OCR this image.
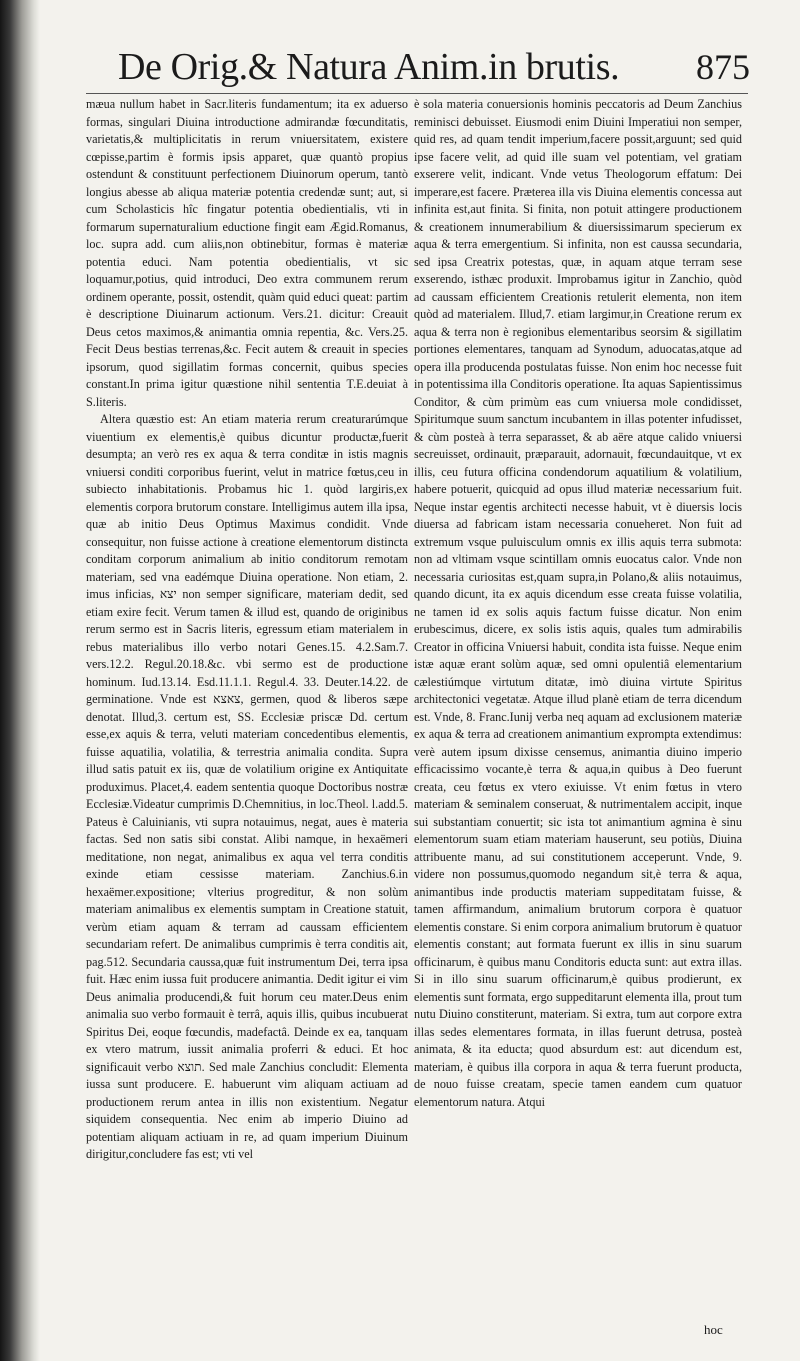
De Orig.& Natura Anim.in brutis. 875

mæua nullum habet in Sacr.literis fundamentum; ita ex aduerso formas, singulari Diuina introductione admirandæ fœcunditatis, varietatis,& multiplicitatis in rerum vniuersitatem, existere cœpisse,partim è formis ipsis apparet, quæ quantò propius ostendunt & constituunt perfectionem Diuinorum operum, tantò longius abesse ab aliqua materiæ potentia credendæ sunt; aut, si cum Scholasticis hîc fingatur potentia obedientialis, vti in formarum supernaturalium eductione fingit eam Ægid.Romanus, loc. supra add. cum aliis,non obtinebitur, formas è materiæ potentia educi. Nam potentia obedientialis, vt sic loquamur,potius, quid introduci, Deo extra communem rerum ordinem operante, possit, ostendit, quàm quid educi queat: partim è descriptione Diuinarum actionum. Vers.21. dicitur: Creauit Deus cetos maximos,& animantia omnia repentia, &c. Vers.25. Fecit Deus bestias terrenas,&c. Fecit autem & creauit in species ipsorum, quod sigillatim formas concernit, quibus species constant.In prima igitur quæstione nihil sententia T.E.deuiat à S.literis.

Altera quæstio est: An etiam materia rerum creaturarúmque viuentium ex elementis,è quibus dicuntur productæ,fuerit desumpta; an verò res ex aqua & terra conditæ in istis magnis vniuersi conditi corporibus fuerint, velut in matrice fœtus,ceu in subiecto inhabitationis. Probamus hic 1. quòd largiris,ex elementis corpora brutorum constare. Intelligimus autem illa ipsa, quæ ab initio Deus Optimus Maximus condidit. Vnde consequitur, non fuisse actione à creatione elementorum distincta conditam corporum animalium ab initio conditorum remotam materiam, sed vna eadémque Diuina operatione. Non etiam, 2. imus inficias, יצא non semper significare, materiam dedit, sed etiam exire fecit. Verum tamen & illud est, quando de originibus rerum sermo est in Sacris literis, egressum etiam materialem in rebus materialibus illo verbo notari Genes.15. 4.2.Sam.7. vers.12.2. Regul.20.18.&c. vbi sermo est de productione hominum. Iud.13.14. Esd.11.1.1. Regul.4. 33. Deuter.14.22. de germinatione. Vnde est צאצא, germen, quod & liberos sæpe denotat. Illud,3. certum est, SS. Ecclesiæ priscæ Dd. certum esse,ex aquis & terra, veluti materiam concedentibus elementis, fuisse aquatilia, volatilia, & terrestria animalia condita. Supra illud satis patuit ex iis, quæ de volatilium origine ex Antiquitate produximus. Placet,4. eadem sententia quoque Doctoribus nostræ Ecclesiæ.Videatur cumprimis D.Chemnitius, in loc.Theol. l.add.5. Pateus è Caluinianis, vti supra notauimus, negat, aues è materia factas. Sed non satis sibi constat. Alibi namque, in hexaëmeri meditatione, non negat, animalibus ex aqua vel terra conditis exinde etiam cessisse materiam. Zanchius.6.in hexaëmer.expositione; vlterius progreditur, & non solùm materiam animalibus ex elementis sumptam in Creatione statuit, verùm etiam aquam & terram ad caussam efficientem secundariam refert. De animalibus cumprimis è terra conditis ait, pag.512. Secundaria caussa,quæ fuit instrumentum Dei, terra ipsa fuit. Hæc enim iussa fuit producere animantia. Dedit igitur ei vim Deus animalia producendi,& fuit horum ceu mater.Deus enim animalia suo verbo formauit è terrâ, aquis illis, quibus incubuerat Spiritus Dei, eoque fœcundis, madefactâ. Deinde ex ea, tanquam ex vtero matrum, iussit animalia proferri & educi. Et hoc significauit verbo תוצא. Sed male Zanchius concludit: Elementa iussa sunt producere. E. habuerunt vim aliquam actiuam ad productionem rerum antea in illis non existentium. Negatur siquidem consequentia. Nec enim ab imperio Diuino ad potentiam aliquam actiuam in re, ad quam imperium Diuinum dirigitur,concludere fas est; vti vel

è sola materia conuersionis hominis peccatoris ad Deum Zanchius reminisci debuisset. Eiusmodi enim Diuini Imperatiui non semper, quid res, ad quam tendit imperium,facere possit,arguunt; sed quid ipse facere velit, ad quid ille suam vel potentiam, vel gratiam exserere velit, indicant. Vnde vetus Theologorum effatum: Dei imperare,est facere. Præterea illa vis Diuina elementis concessa aut infinita est,aut finita. Si finita, non potuit attingere productionem & creationem innumerabilium & diuersissimarum specierum ex aqua & terra emergentium. Si infinita, non est caussa secundaria, sed ipsa Creatrix potestas, quæ, in aquam atque terram sese exserendo, isthæc produxit. Improbamus igitur in Zanchio, quòd ad caussam efficientem Creationis retulerit elementa, non item quòd ad materialem. Illud,7. etiam largimur,in Creatione rerum ex aqua & terra non è regionibus elementaribus seorsim & sigillatim portiones elementares, tanquam ad Synodum, aduocatas,atque ad opera illa producenda postulatas fuisse. Non enim hoc necesse fuit in potentissima illa Conditoris operatione. Ita aquas Sapientissimus Conditor, & cùm primùm eas cum vniuersa mole condidisset, Spiritumque suum sanctum incubantem in illas potenter infudisset, & cùm posteà à terra separasset, & ab aëre atque calido vniuersi secreuisset, ordinauit, præparauit, adornauit, fœcundauitque, vt ex illis, ceu futura officina condendorum aquatilium & volatilium, habere potuerit, quicquid ad opus illud materiæ necessarium fuit. Neque instar egentis architecti necesse habuit, vt è diuersis locis diuersa ad fabricam istam necessaria conueheret. Non fuit ad extremum vsque puluisculum omnis ex illis aquis terra submota: non ad vltimam vsque scintillam omnis euocatus calor. Vnde non necessaria curiositas est,quam supra,in Polano,& aliis notauimus, quando dicunt, ita ex aquis dicendum esse creata fuisse volatilia, ne tamen id ex solis aquis factum fuisse dicatur. Non enim erubescimus, dicere, ex solis istis aquis, quales tum admirabilis Creator in officina Vniuersi habuit, condita ista fuisse. Neque enim istæ aquæ erant solùm aquæ, sed omni opulentiâ elementarium cælestiúmque virtutum ditatæ, imò diuina virtute Spiritus architectonici vegetatæ. Atque illud planè etiam de terra dicendum est. Vnde, 8. Franc.Iunij verba neq aquam ad exclusionem materiæ ex aqua & terra ad creationem animantium exprompta extendimus: verè autem ipsum dixisse censemus, animantia diuino imperio efficacissimo vocante,è terra & aqua,in quibus à Deo fuerunt creata, ceu fœtus ex vtero exiuisse. Vt enim fœtus in vtero materiam & seminalem conseruat, & nutrimentalem accipit, inque sui substantiam conuertit; sic ista tot animantium agmina è sinu elementorum suam etiam materiam hauserunt, seu potiùs, Diuina attribuente manu, ad sui constitutionem acceperunt. Vnde, 9. videre non possumus,quomodo negandum sit,è terra & aqua, animantibus inde productis materiam suppeditatam fuisse, & tamen affirmandum, animalium brutorum corpora è quatuor elementis constare. Si enim corpora animalium brutorum è quatuor elementis constant; aut formata fuerunt ex illis in sinu suarum officinarum, è quibus manu Conditoris educta sunt: aut extra illas. Si in illo sinu suarum officinarum,è quibus prodierunt, ex elementis sunt formata, ergo suppeditarunt elementa illa, prout tum nutu Diuino constiterunt, materiam. Si extra, tum aut corpore extra illas sedes elementares formata, in illas fuerunt detrusa, posteà animata, & ita educta; quod absurdum est: aut dicendum est, materiam, è quibus illa corpora in aqua & terra fuerunt producta, de nouo fuisse creatam, specie tamen eandem cum quatuor elementorum natura. Atqui

hoc
